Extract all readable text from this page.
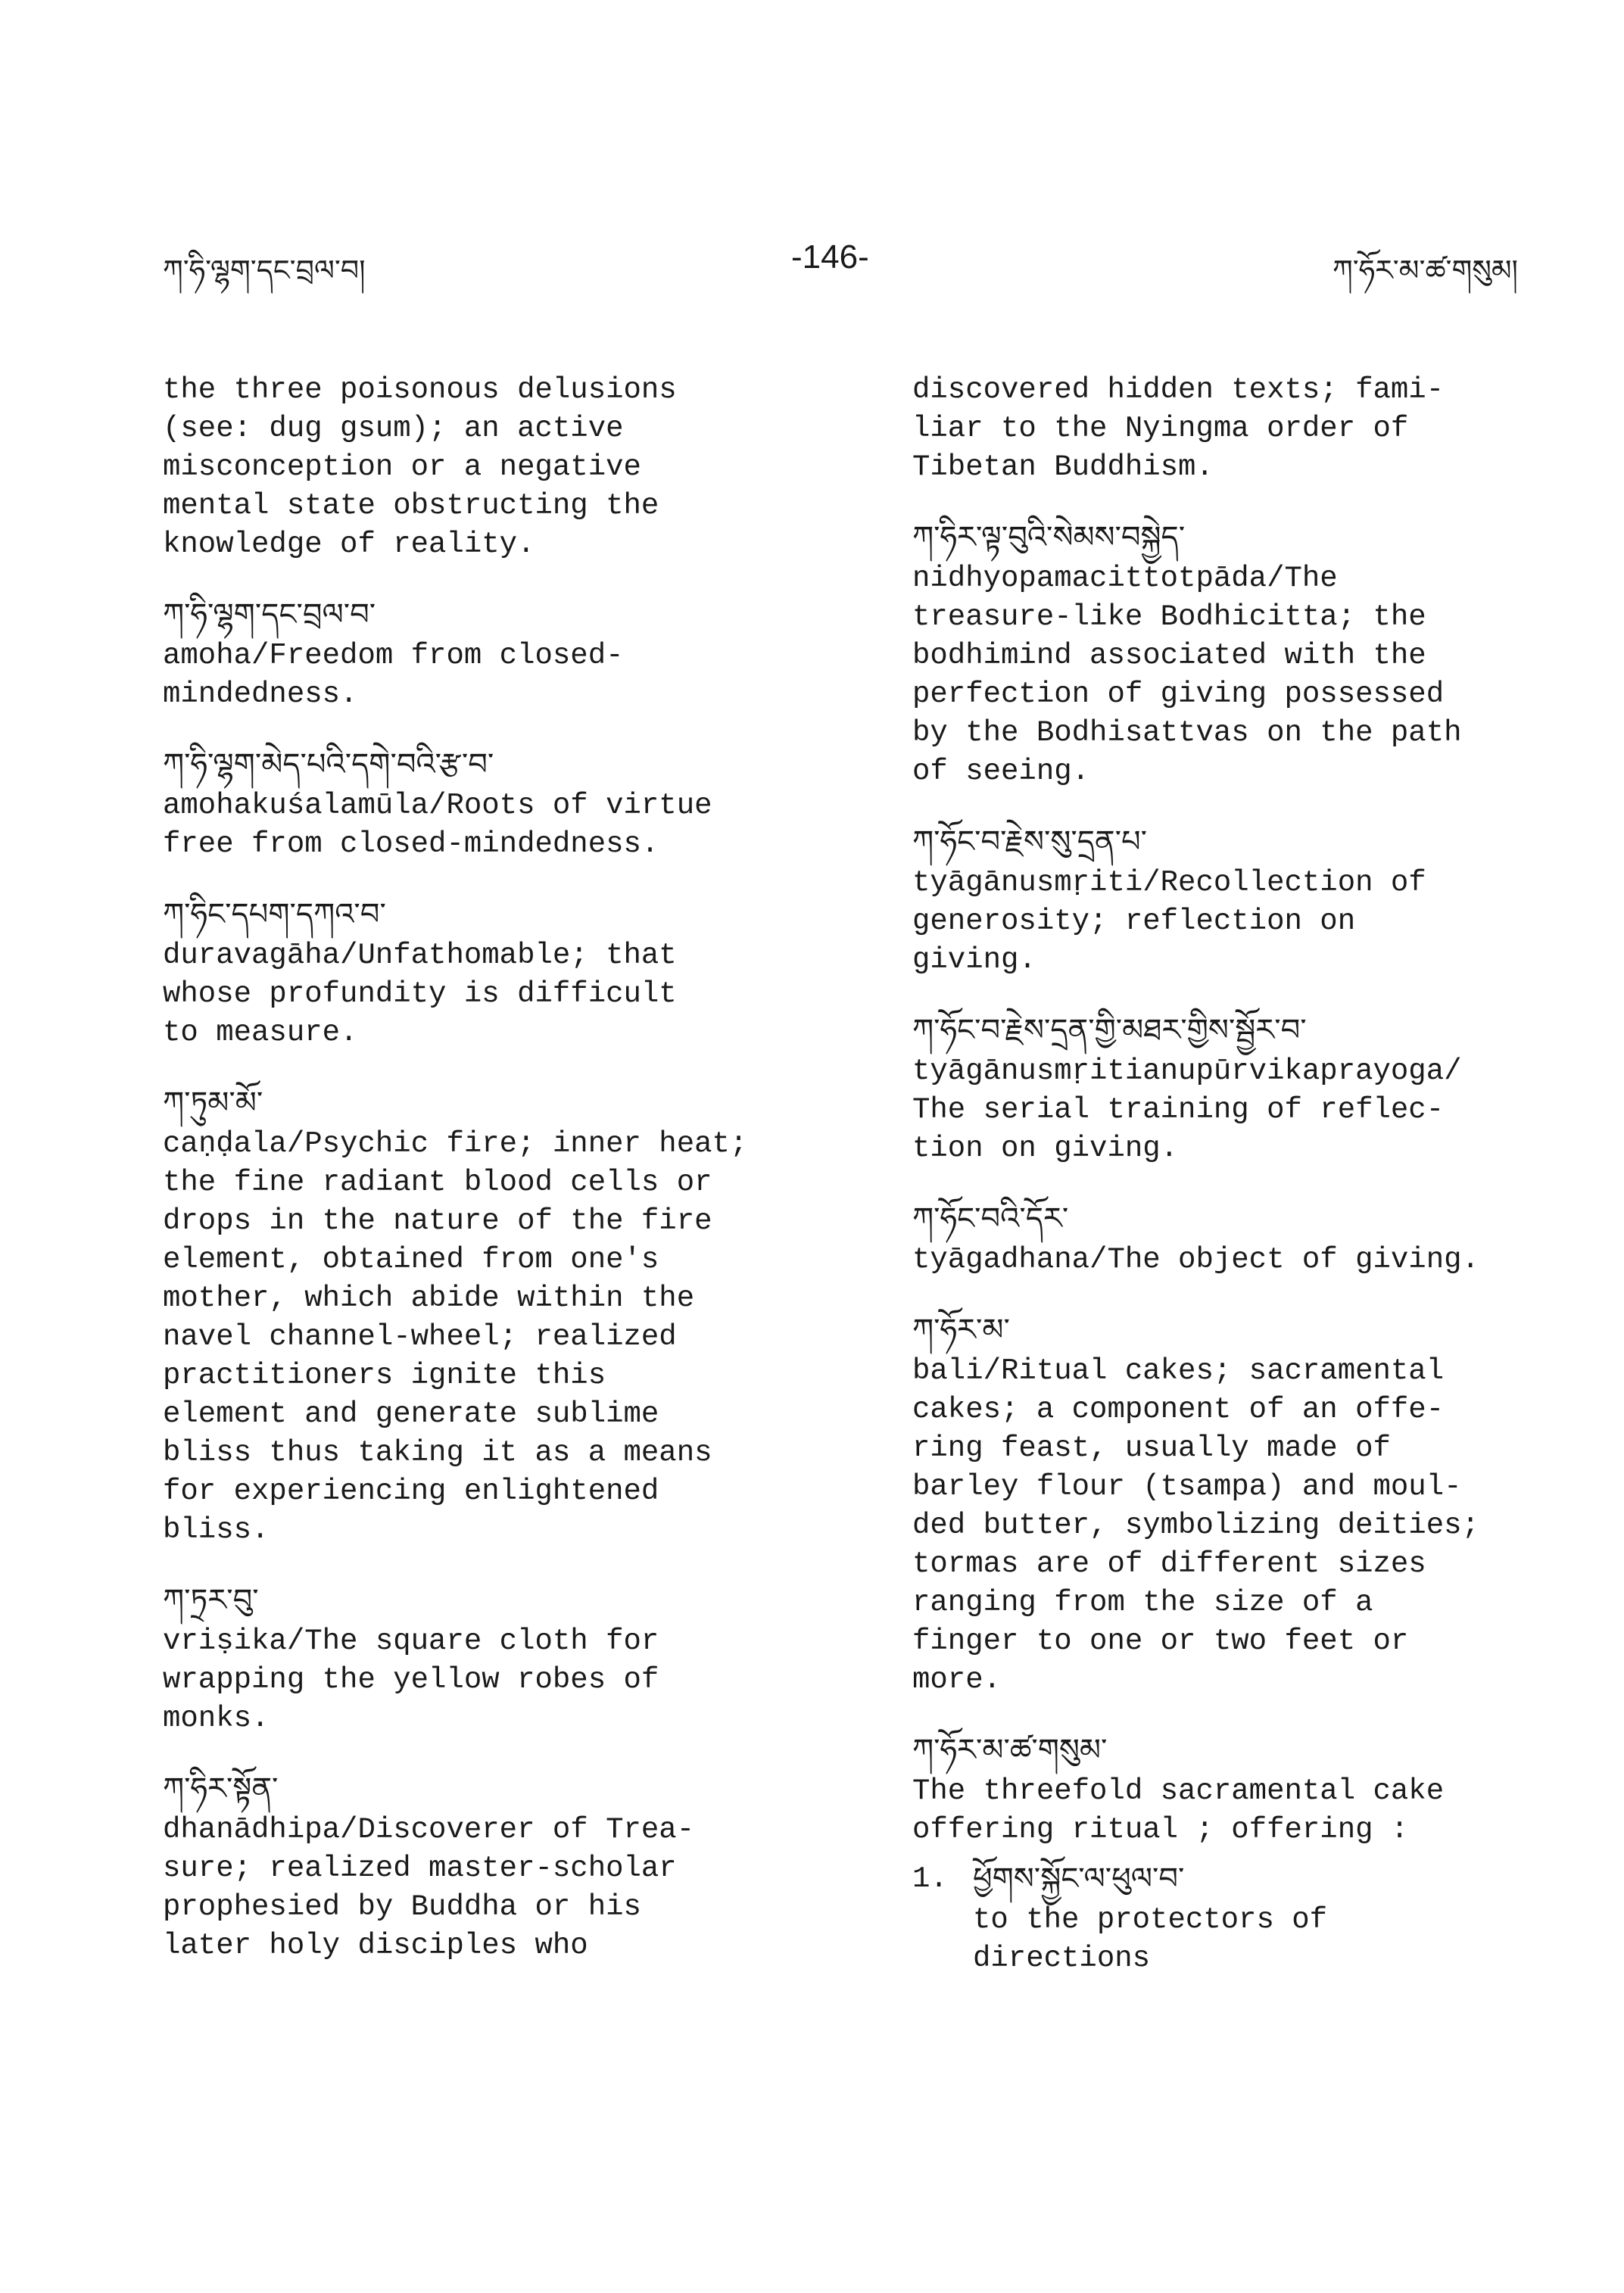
ཀ་ཧི་ལྷག་དང་བྲལ་བ།	-146-	ཀ་ཧོར་མ་ཚ་གསུམ།
the three poisonous delusions
(see: dug gsum); an active
misconception or a negative
mental state obstructing the
knowledge of reality.
ཀ་ཧི་ལྷག་དང་བྲལ་བ་
amoha/Freedom from closed-
mindedness.
ཀ་ཧི་ལྷག་མེད་པའི་དགེ་བའི་རྩ་བ་
amohakuśalamūla/Roots of virtue
free from closed-mindedness.
ཀ་ཧིང་དཔག་དཀའ་བ་
duravagāha/Unfathomable; that
whose profundity is difficult
to measure.
ཀ་ཏུམ་མོ་
caṇḍala/Psychic fire; inner heat;
the fine radiant blood cells or
drops in the nature of the fire
element, obtained from one's
mother, which abide within the
navel channel-wheel; realized
practitioners ignite this
element and generate sublime
bliss thus taking it as a means
for experiencing enlightened
bliss.
ཀ་ཏྲར་བུ་
vriṣika/The square cloth for
wrapping the yellow robes of
monks.
ཀ་ཧིར་སྟོན་
dhanādhipa/Discoverer of Trea-
sure; realized master-scholar
prophesied by Buddha or his
later holy disciples who
discovered hidden texts; fami-
liar to the Nyingma order of
Tibetan Buddhism.
ཀ་ཧིར་ལྟ་བུའི་སེམས་བསྐྱེད་
nidhyopamacittotpāda/The
treasure-like Bodhicitta; the
bodhimind associated with the
perfection of giving possessed
by the Bodhisattvas on the path
of seeing.
ཀ་ཧོང་བ་རྗེས་སུ་དྲན་པ་
tyāgānusmṛiti/Recollection of
generosity; reflection on
giving.
ཀ་ཧོང་བ་རྗེས་དྲན་གྱི་མཐར་གྱིས་སྦྱོར་བ་
tyāgānusmṛitianupūrvikaprayoga/
The serial training of reflec-
tion on giving.
ཀ་ཧོང་བའི་དོར་
tyāgadhana/The object of giving.
ཀ་ཧོར་མ་
bali/Ritual cakes; sacramental
cakes; a component of an offe-
ring feast, usually made of
barley flour (tsampa) and moul-
ded butter, symbolizing deities;
tormas are of different sizes
ranging from the size of a
finger to one or two feet or
more.
ཀ་ཧོར་མ་ཚ་གསུམ་
The threefold sacramental cake
offering ritual ; offering :
1. ཕྱོགས་སྐྱོང་ལ་ཕུལ་བ་
to the protectors of
directions
